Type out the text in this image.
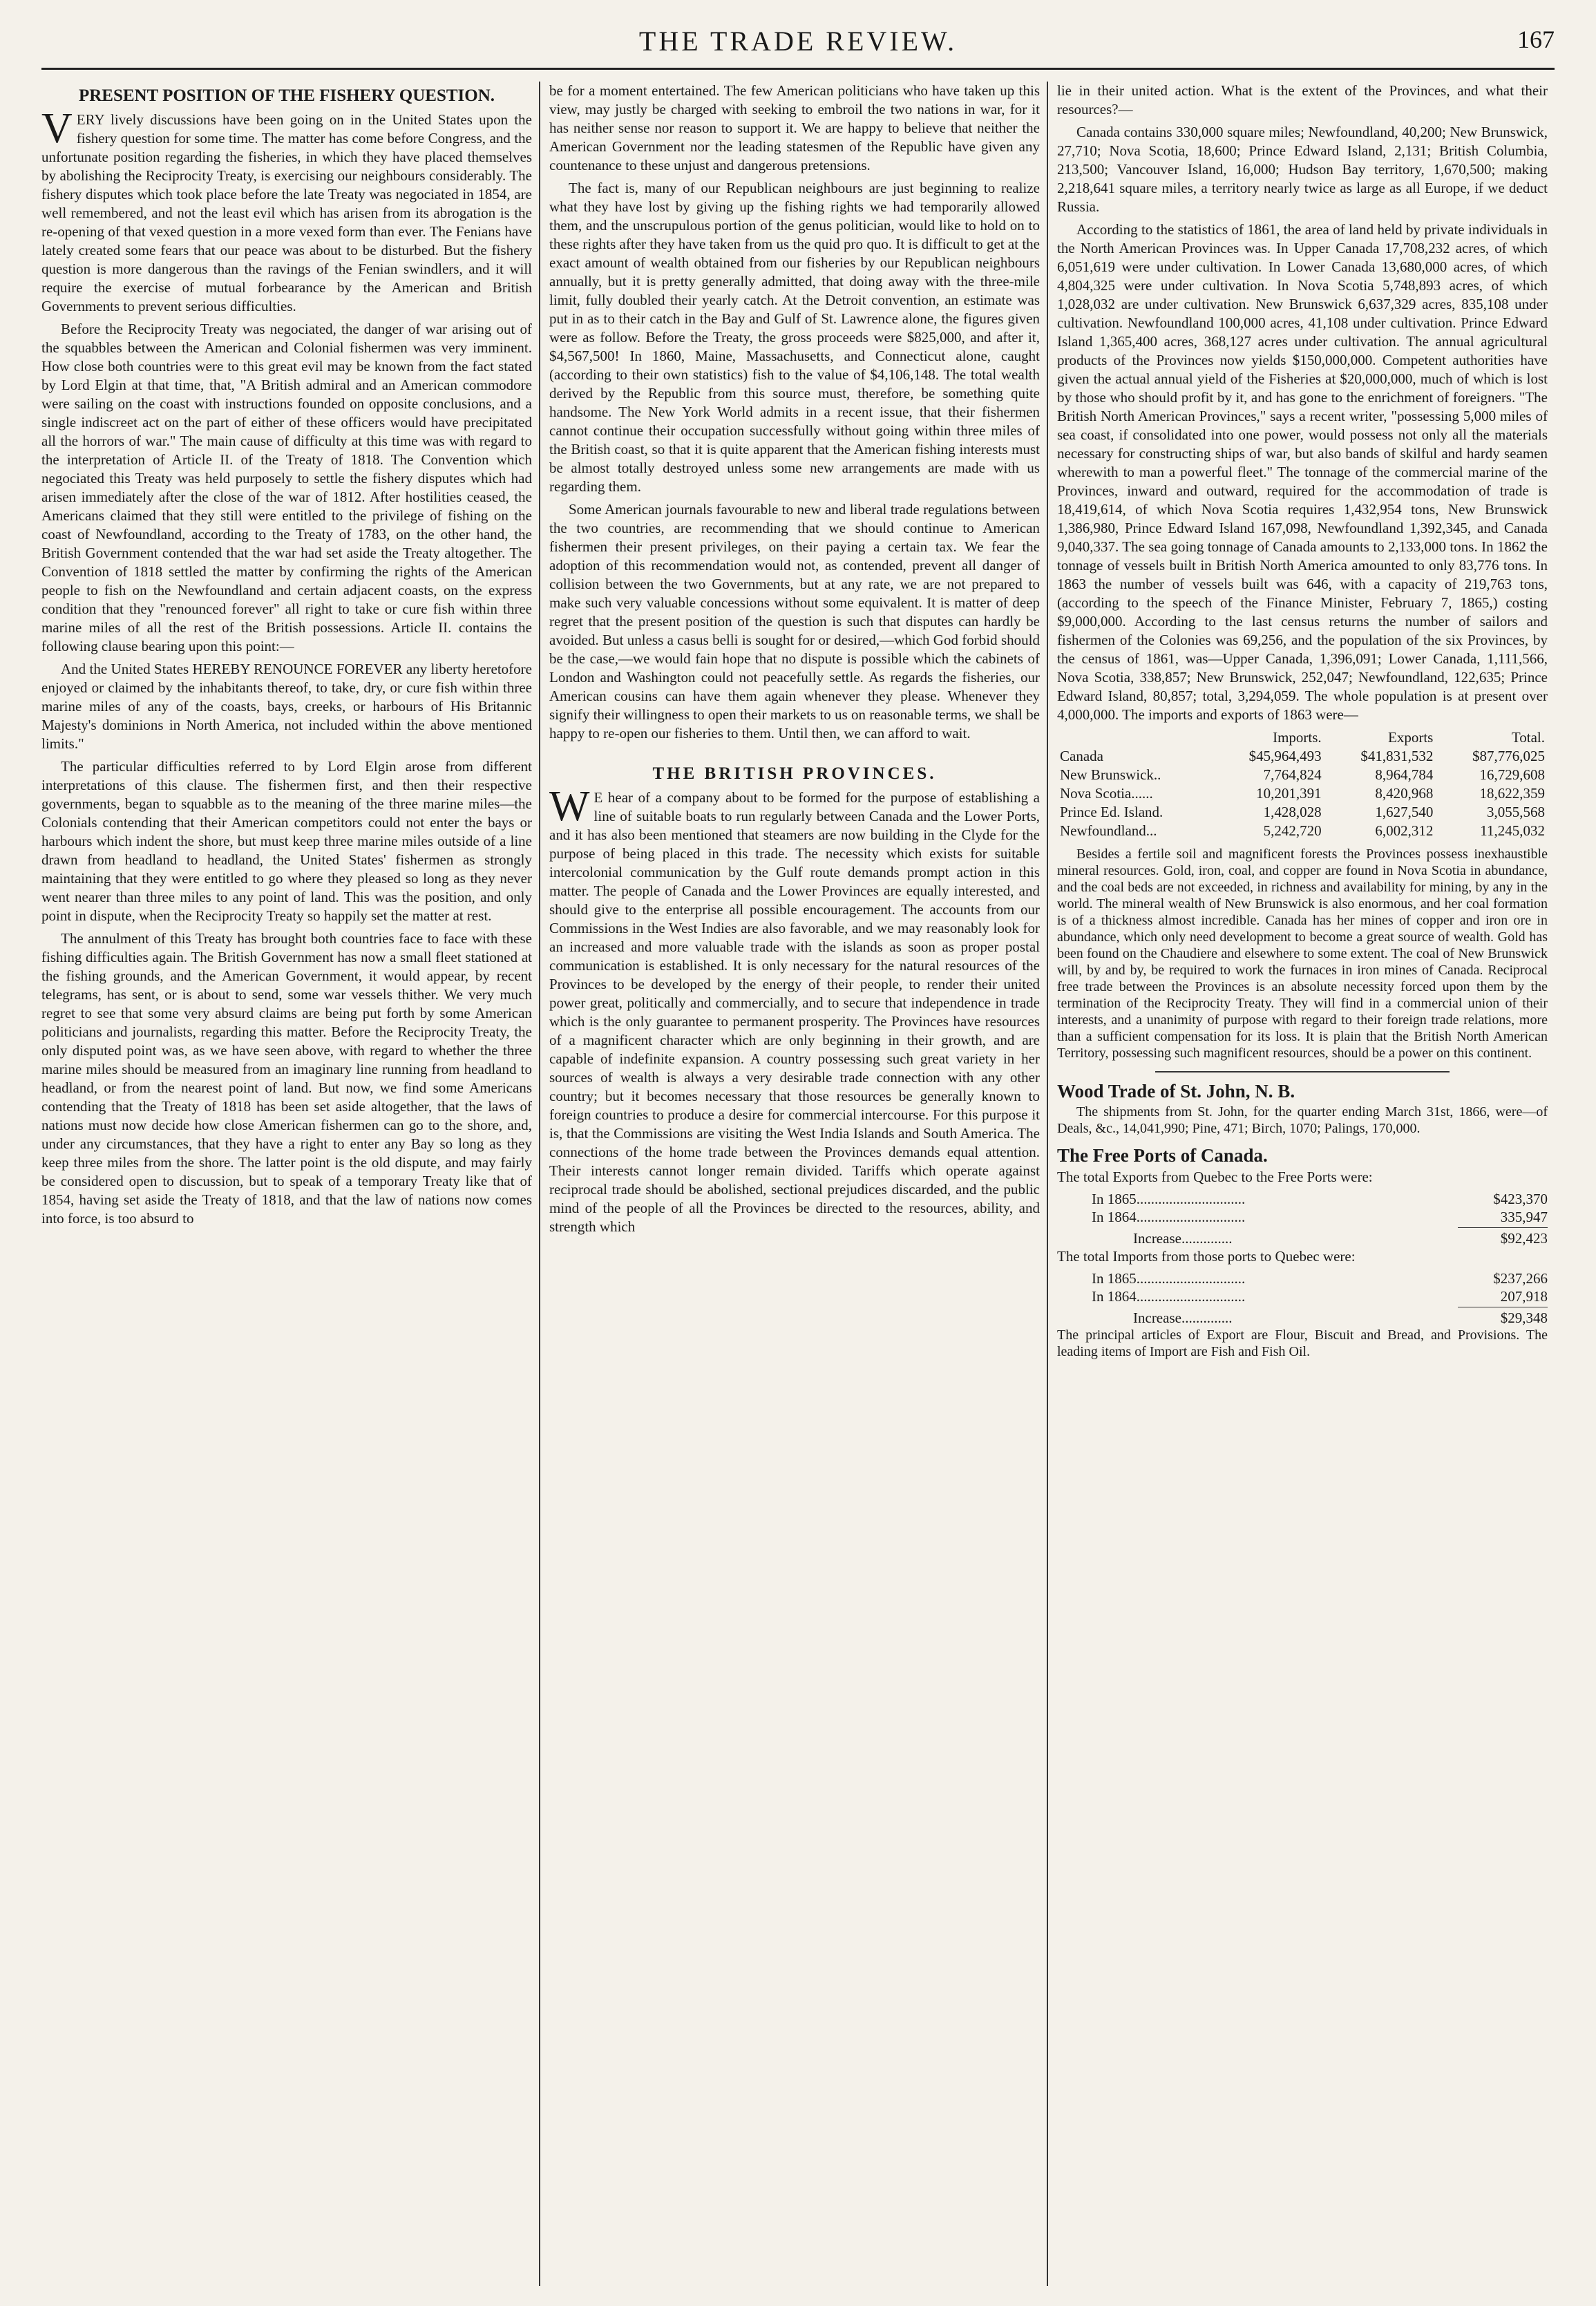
THE TRADE REVIEW.	167
PRESENT POSITION OF THE FISHERY QUESTION.

VERY lively discussions have been going on in the United States upon the fishery question for some time. The matter has come before Congress, and the unfortunate position regarding the fisheries, in which they have placed themselves by abolishing the Reciprocity Treaty, is exercising our neighbours considerably. The fishery disputes which took place before the late Treaty was negociated in 1854, are well remembered, and not the least evil which has arisen from its abrogation is the re-opening of that vexed question in a more vexed form than ever. The Fenians have lately created some fears that our peace was about to be disturbed. But the fishery question is more dangerous than the ravings of the Fenian swindlers, and it will require the exercise of mutual forbearance by the American and British Governments to prevent serious difficulties.

Before the Reciprocity Treaty was negociated, the danger of war arising out of the squabbles between the American and Colonial fishermen was very imminent. How close both countries were to this great evil may be known from the fact stated by Lord Elgin at that time, that, "A British admiral and an American commodore were sailing on the coast with instructions founded on opposite conclusions, and a single indiscreet act on the part of either of these officers would have precipitated all the horrors of war." The main cause of difficulty at this time was with regard to the interpretation of Article II. of the Treaty of 1818. The Convention which negociated this Treaty was held purposely to settle the fishery disputes which had arisen immediately after the close of the war of 1812. After hostilities ceased, the Americans claimed that they still were entitled to the privilege of fishing on the coast of Newfoundland, according to the Treaty of 1783, on the other hand, the British Government contended that the war had set aside the Treaty altogether. The Convention of 1818 settled the matter by confirming the rights of the American people to fish on the Newfoundland and certain adjacent coasts, on the express condition that they "renounced forever" all right to take or cure fish within three marine miles of all the rest of the British possessions. Article II. contains the following clause bearing upon this point:—

And the United States HEREBY RENOUNCE FOREVER any liberty heretofore enjoyed or claimed by the inhabitants thereof, to take, dry, or cure fish within three marine miles of any of the coasts, bays, creeks, or harbours of His Britannic Majesty's dominions in North America, not included within the above mentioned limits."

The particular difficulties referred to by Lord Elgin arose from different interpretations of this clause. The fishermen first, and then their respective governments, began to squabble as to the meaning of the three marine miles—the Colonials contending that their American competitors could not enter the bays or harbours which indent the shore, but must keep three marine miles outside of a line drawn from headland to headland, the United States' fishermen as strongly maintaining that they were entitled to go where they pleased so long as they never went nearer than three miles to any point of land. This was the position, and only point in dispute, when the Reciprocity Treaty so happily set the matter at rest.

The annulment of this Treaty has brought both countries face to face with these fishing difficulties again. The British Government has now a small fleet stationed at the fishing grounds, and the American Government, it would appear, by recent telegrams, has sent, or is about to send, some war vessels thither. We very much regret to see that some very absurd claims are being put forth by some American politicians and journalists, regarding this matter. Before the Reciprocity Treaty, the only disputed point was, as we have seen above, with regard to whether the three marine miles should be measured from an imaginary line running from headland to headland, or from the nearest point of land. But now, we find some Americans contending that the Treaty of 1818 has been set aside altogether, that the laws of nations must now decide how close American fishermen can go to the shore, and, under any circumstances, that they have a right to enter any Bay so long as they keep three miles from the shore. The latter point is the old dispute, and may fairly be considered open to discussion, but to speak of a temporary Treaty like that of 1854, having set aside the Treaty of 1818, and that the law of nations now comes into force, is too absurd to

be for a moment entertained. The few American politicians who have taken up this view, may justly be charged with seeking to embroil the two nations in war, for it has neither sense nor reason to support it. We are happy to believe that neither the American Government nor the leading statesmen of the Republic have given any countenance to these unjust and dangerous pretensions.

The fact is, many of our Republican neighbours are just beginning to realize what they have lost by giving up the fishing rights we had temporarily allowed them, and the unscrupulous portion of the genus politician, would like to hold on to these rights after they have taken from us the quid pro quo. It is difficult to get at the exact amount of wealth obtained from our fisheries by our Republican neighbours annually, but it is pretty generally admitted, that doing away with the three-mile limit, fully doubled their yearly catch. At the Detroit convention, an estimate was put in as to their catch in the Bay and Gulf of St. Lawrence alone, the figures given were as follow. Before the Treaty, the gross proceeds were $825,000, and after it, $4,567,500! In 1860, Maine, Massachusetts, and Connecticut alone, caught (according to their own statistics) fish to the value of $4,106,148. The total wealth derived by the Republic from this source must, therefore, be something quite handsome. The New York World admits in a recent issue, that their fishermen cannot continue their occupation successfully without going within three miles of the British coast, so that it is quite apparent that the American fishing interests must be almost totally destroyed unless some new arrangements are made with us regarding them.

Some American journals favourable to new and liberal trade regulations between the two countries, are recommending that we should continue to American fishermen their present privileges, on their paying a certain tax. We fear the adoption of this recommendation would not, as contended, prevent all danger of collision between the two Governments, but at any rate, we are not prepared to make such very valuable concessions without some equivalent. It is matter of deep regret that the present position of the question is such that disputes can hardly be avoided. But unless a casus belli is sought for or desired,—which God forbid should be the case,—we would fain hope that no dispute is possible which the cabinets of London and Washington could not peacefully settle. As regards the fisheries, our American cousins can have them again whenever they please. Whenever they signify their willingness to open their markets to us on reasonable terms, we shall be happy to re-open our fisheries to them. Until then, we can afford to wait.

THE BRITISH PROVINCES.

W E hear of a company about to be formed for the purpose of establishing a line of suitable boats to run regularly between Canada and the Lower Ports, and it has also been mentioned that steamers are now building in the Clyde for the purpose of being placed in this trade. The necessity which exists for suitable intercolonial communication by the Gulf route demands prompt action in this matter. The people of Canada and the Lower Provinces are equally interested, and should give to the enterprise all possible encouragement. The accounts from our Commissions in the West Indies are also favorable, and we may reasonably look for an increased and more valuable trade with the islands as soon as proper postal communication is established. It is only necessary for the natural resources of the Provinces to be developed by the energy of their people, to render their united power great, politically and commercially, and to secure that independence in trade which is the only guarantee to permanent prosperity. The Provinces have resources of a magnificent character which are only beginning in their growth, and are capable of indefinite expansion. A country possessing such great variety in her sources of wealth is always a very desirable trade connection with any other country; but it becomes necessary that those resources be generally known to foreign countries to produce a desire for commercial intercourse. For this purpose it is, that the Commissions are visiting the West India Islands and South America. The connections of the home trade between the Provinces demands equal attention. Their interests cannot longer remain divided. Tariffs which operate against reciprocal trade should be abolished, sectional prejudices discarded, and the public mind of the people of all the Provinces be directed to the resources, ability, and strength which

lie in their united action. What is the extent of the Provinces, and what their resources?—

Canada contains 330,000 square miles; Newfoundland, 40,200; New Brunswick, 27,710; Nova Scotia, 18,600; Prince Edward Island, 2,131; British Columbia, 213,500; Vancouver Island, 16,000; Hudson Bay territory, 1,670,500; making 2,218,641 square miles, a territory nearly twice as large as all Europe, if we deduct Russia.

According to the statistics of 1861, the area of land held by private individuals in the North American Provinces was. In Upper Canada 17,708,232 acres, of which 6,051,619 were under cultivation. In Lower Canada 13,680,000 acres, of which 4,804,325 were under cultivation. In Nova Scotia 5,748,893 acres, of which 1,028,032 are under cultivation. New Brunswick 6,637,329 acres, 835,108 under cultivation. Newfoundland 100,000 acres, 41,108 under cultivation. Prince Edward Island 1,365,400 acres, 368,127 acres under cultivation. The annual agricultural products of the Provinces now yields $150,000,000. Competent authorities have given the actual annual yield of the Fisheries at $20,000,000, much of which is lost by those who should profit by it, and has gone to the enrichment of foreigners. "The British North American Provinces," says a recent writer, "possessing 5,000 miles of sea coast, if consolidated into one power, would possess not only all the materials necessary for constructing ships of war, but also bands of skilful and hardy seamen wherewith to man a powerful fleet." The tonnage of the commercial marine of the Provinces, inward and outward, required for the accommodation of trade is 18,419,614, of which Nova Scotia requires 1,432,954 tons, New Brunswick 1,386,980, Prince Edward Island 167,098, Newfoundland 1,392,345, and Canada 9,040,337. The sea going tonnage of Canada amounts to 2,133,000 tons. In 1862 the tonnage of vessels built in British North America amounted to only 83,776 tons. In 1863 the number of vessels built was 646, with a capacity of 219,763 tons, (according to the speech of the Finance Minister, February 7, 1865,) costing $9,000,000. According to the last census returns the number of sailors and fishermen of the Colonies was 69,256, and the population of the six Provinces, by the census of 1861, was—Upper Canada, 1,396,091; Lower Canada, 1,111,566, Nova Scotia, 338,857; New Brunswick, 252,047; Newfoundland, 122,635; Prince Edward Island, 80,857; total, 3,294,059. The whole population is at present over 4,000,000. The imports and exports of 1863 were—

	Imports.	Exports	Total.
Canada	$45,964,493	$41,831,532	$87,776,025
New Brunswick..	7,764,824	8,964,784	16,729,608
Nova Scotia......	10,201,391	8,420,968	18,622,359
Prince Ed. Island.	1,428,028	1,627,540	3,055,568
Newfoundland...	5,242,720	6,002,312	11,245,032

Besides a fertile soil and magnificent forests the Provinces possess inexhaustible mineral resources. Gold, iron, coal, and copper are found in Nova Scotia in abundance, and the coal beds are not exceeded, in richness and availability for mining, by any in the world. The mineral wealth of New Brunswick is also enormous, and her coal formation is of a thickness almost incredible. Canada has her mines of copper and iron ore in abundance, which only need development to become a great source of wealth. Gold has been found on the Chaudiere and elsewhere to some extent. The coal of New Brunswick will, by and by, be required to work the furnaces in iron mines of Canada. Reciprocal free trade between the Provinces is an absolute necessity forced upon them by the termination of the Reciprocity Treaty. They will find in a commercial union of their interests, and a unanimity of purpose with regard to their foreign trade relations, more than a sufficient compensation for its loss. It is plain that the British North American Territory, possessing such magnificent resources, should be a power on this continent.

Wood Trade of St. John, N. B.

The shipments from St. John, for the quarter ending March 31st, 1866, were—of Deals, &c., 14,041,990; Pine, 471; Birch, 1070; Palings, 170,000.

The Free Ports of Canada.

The total Exports from Quebec to the Free Ports were:

In 1865..............................	$423,370
In 1864..............................	335,947
Increase..............	$92,423

The total Imports from those ports to Quebec were:

In 1865..............................	$237,266
In 1864..............................	207,918
Increase..............	$29,348

The principal articles of Export are Flour, Biscuit and Bread, and Provisions. The leading items of Import are Fish and Fish Oil.
